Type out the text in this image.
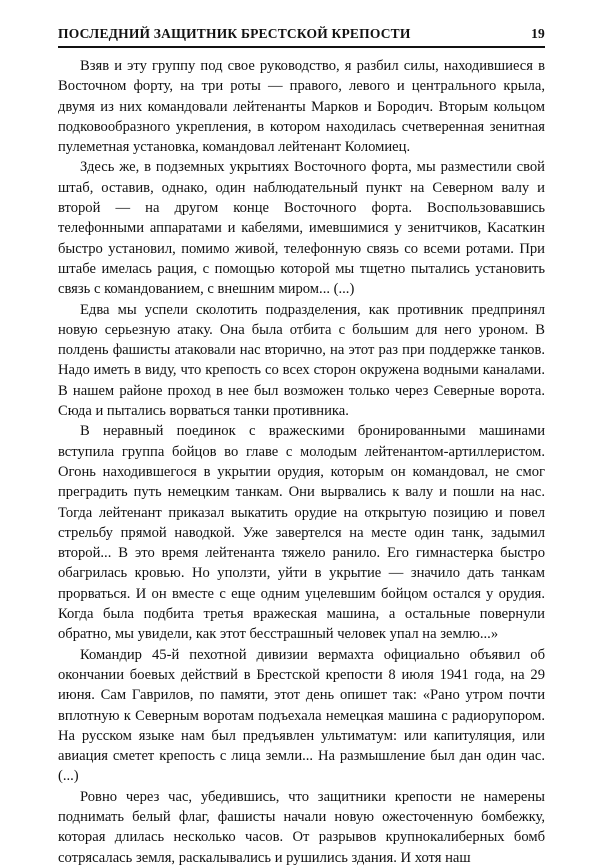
ПОСЛЕДНИЙ ЗАЩИТНИК БРЕСТСКОЙ КРЕПОСТИ	19

Взяв и эту группу под свое руководство, я разбил силы, находившиеся в Восточном форту, на три роты — правого, левого и центрального крыла, двумя из них командовали лейтенанты Марков и Бородич. Вторым кольцом подковообразного укрепления, в котором находилась счетверенная зенитная пулеметная установка, командовал лейтенант Коломиец.

Здесь же, в подземных укрытиях Восточного форта, мы разместили свой штаб, оставив, однако, один наблюдательный пункт на Северном валу и второй — на другом конце Восточного форта. Воспользовавшись телефонными аппаратами и кабелями, имевшимися у зенитчиков, Касаткин быстро установил, помимо живой, телефонную связь со всеми ротами. При штабе имелась рация, с помощью которой мы тщетно пытались установить связь с командованием, с внешним миром... (...)

Едва мы успели сколотить подразделения, как противник предпринял новую серьезную атаку. Она была отбита с большим для него уроном. В полдень фашисты атаковали нас вторично, на этот раз при поддержке танков. Надо иметь в виду, что крепость со всех сторон окружена водными каналами. В нашем районе проход в нее был возможен только через Северные ворота. Сюда и пытались ворваться танки противника.

В неравный поединок с вражескими бронированными машинами вступила группа бойцов во главе с молодым лейтенантом-артиллеристом. Огонь находившегося в укрытии орудия, которым он командовал, не смог преградить путь немецким танкам. Они вырвались к валу и пошли на нас. Тогда лейтенант приказал выкатить орудие на открытую позицию и повел стрельбу прямой наводкой. Уже завертелся на месте один танк, задымил второй... В это время лейтенанта тяжело ранило. Его гимнастерка быстро обагрилась кровью. Но уползти, уйти в укрытие — значило дать танкам прорваться. И он вместе с еще одним уцелевшим бойцом остался у орудия. Когда была подбита третья вражеская машина, а остальные повернули обратно, мы увидели, как этот бесстрашный человек упал на землю...»

Командир 45-й пехотной дивизии вермахта официально объявил об окончании боевых действий в Брестской крепости 8 июля 1941 года, на 29 июня. Сам Гаврилов, по памяти, этот день опишет так: «Рано утром почти вплотную к Северным воротам подъехала немецкая машина с радиорупором. На русском языке нам был предъявлен ультиматум: или капитуляция, или авиация сметет крепость с лица земли... На размышление был дан один час. (...)

Ровно через час, убедившись, что защитники крепости не намерены поднимать белый флаг, фашисты начали новую ожесточенную бомбежку, которая длилась несколько часов. От разрывов крупнокалиберных бомб сотрясалась земля, раскалывались и рушились здания. И хотя наш
